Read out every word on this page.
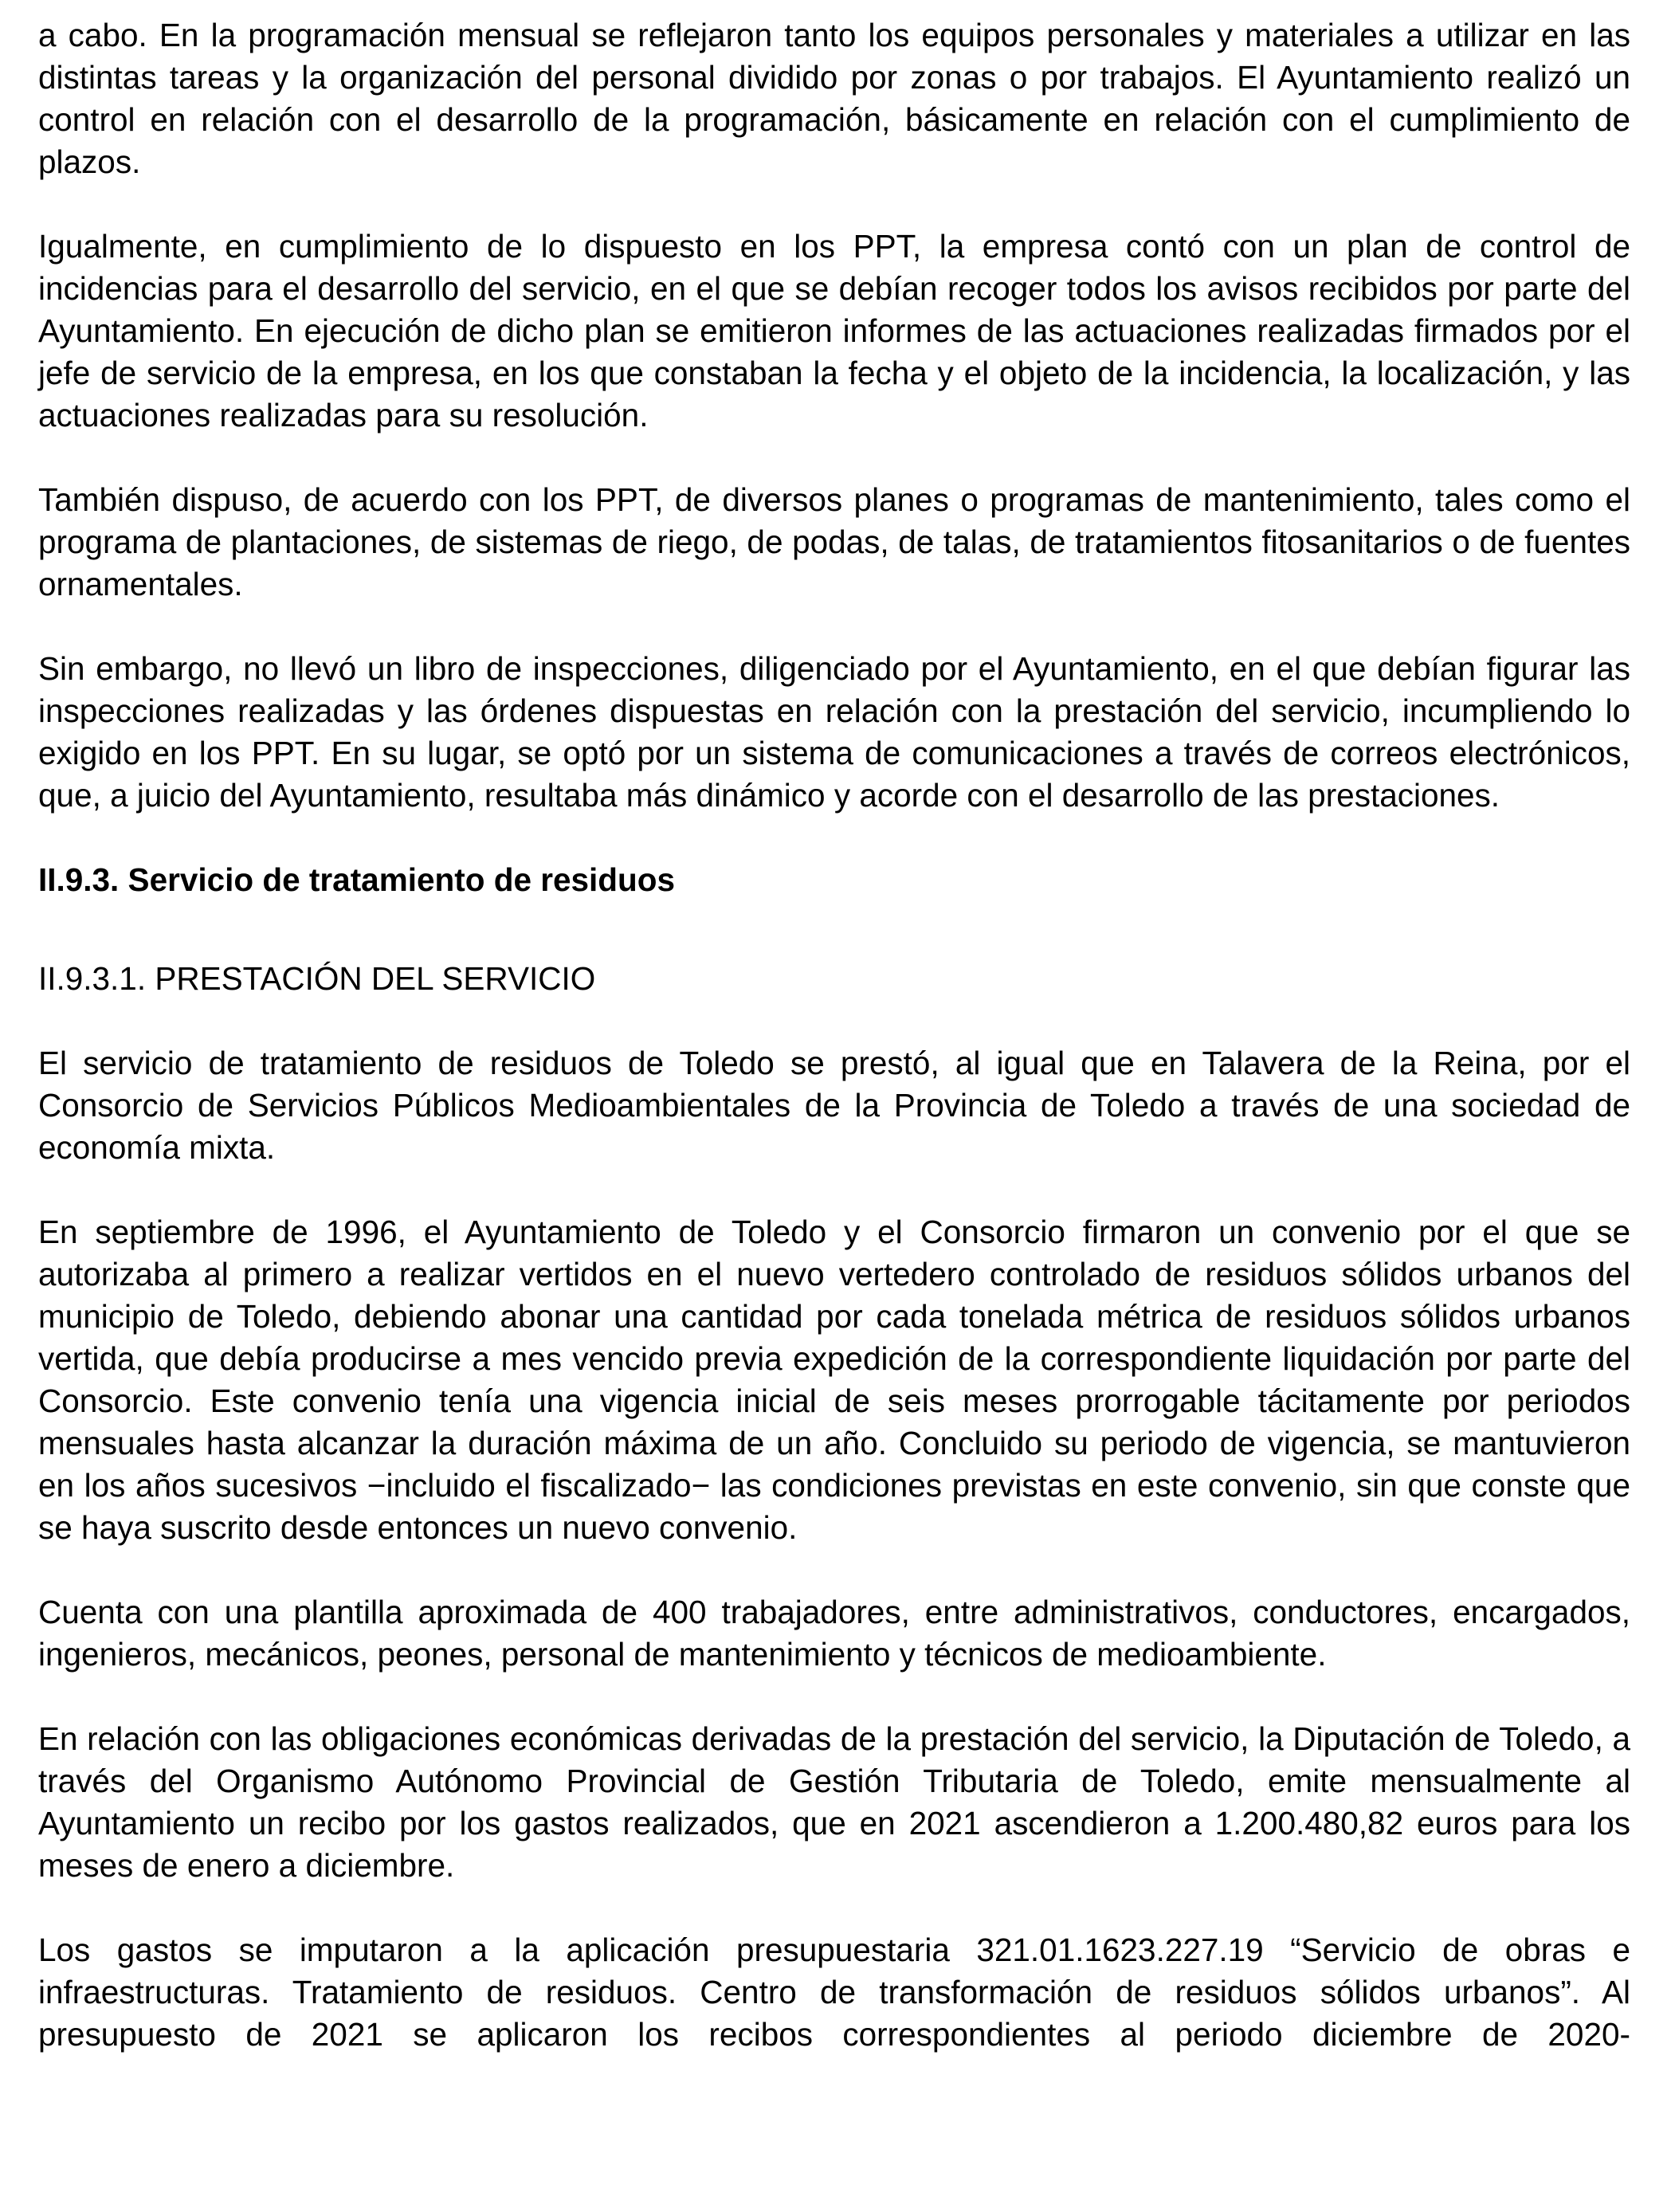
a cabo. En la programación mensual se reflejaron tanto los equipos personales y materiales a utilizar en las distintas tareas y la organización del personal dividido por zonas o por trabajos. El Ayuntamiento realizó un control en relación con el desarrollo de la programación, básicamente en relación con el cumplimiento de plazos.

Igualmente, en cumplimiento de lo dispuesto en los PPT, la empresa contó con un plan de control de incidencias para el desarrollo del servicio, en el que se debían recoger todos los avisos recibidos por parte del Ayuntamiento. En ejecución de dicho plan se emitieron informes de las actuaciones realizadas firmados por el jefe de servicio de la empresa, en los que constaban la fecha y el objeto de la incidencia, la localización, y las actuaciones realizadas para su resolución.

También dispuso, de acuerdo con los PPT, de diversos planes o programas de mantenimiento, tales como el programa de plantaciones, de sistemas de riego, de podas, de talas, de tratamientos fitosanitarios o de fuentes ornamentales.

Sin embargo, no llevó un libro de inspecciones, diligenciado por el Ayuntamiento, en el que debían figurar las inspecciones realizadas y las órdenes dispuestas en relación con la prestación del servicio, incumpliendo lo exigido en los PPT. En su lugar, se optó por un sistema de comunicaciones a través de correos electrónicos, que, a juicio del Ayuntamiento, resultaba más dinámico y acorde con el desarrollo de las prestaciones.

II.9.3. Servicio de tratamiento de residuos
II.9.3.1. PRESTACIÓN DEL SERVICIO

El servicio de tratamiento de residuos de Toledo se prestó, al igual que en Talavera de la Reina, por el Consorcio de Servicios Públicos Medioambientales de la Provincia de Toledo a través de una sociedad de economía mixta.

En septiembre de 1996, el Ayuntamiento de Toledo y el Consorcio firmaron un convenio por el que se autorizaba al primero a realizar vertidos en el nuevo vertedero controlado de residuos sólidos urbanos del municipio de Toledo, debiendo abonar una cantidad por cada tonelada métrica de residuos sólidos urbanos vertida, que debía producirse a mes vencido previa expedición de la correspondiente liquidación por parte del Consorcio. Este convenio tenía una vigencia inicial de seis meses prorrogable tácitamente por periodos mensuales hasta alcanzar la duración máxima de un año. Concluido su periodo de vigencia, se mantuvieron en los años sucesivos −incluido el fiscalizado− las condiciones previstas en este convenio, sin que conste que se haya suscrito desde entonces un nuevo convenio.

Cuenta con una plantilla aproximada de 400 trabajadores, entre administrativos, conductores, encargados, ingenieros, mecánicos, peones, personal de mantenimiento y técnicos de medioambiente.

En relación con las obligaciones económicas derivadas de la prestación del servicio, la Diputación de Toledo, a través del Organismo Autónomo Provincial de Gestión Tributaria de Toledo, emite mensualmente al Ayuntamiento un recibo por los gastos realizados, que en 2021 ascendieron a 1.200.480,82 euros para los meses de enero a diciembre.

Los gastos se imputaron a la aplicación presupuestaria 321.01.1623.227.19 “Servicio de obras e infraestructuras. Tratamiento de residuos. Centro de transformación de residuos sólidos urbanos”. Al presupuesto de 2021 se aplicaron los recibos correspondientes al periodo diciembre de 2020-
